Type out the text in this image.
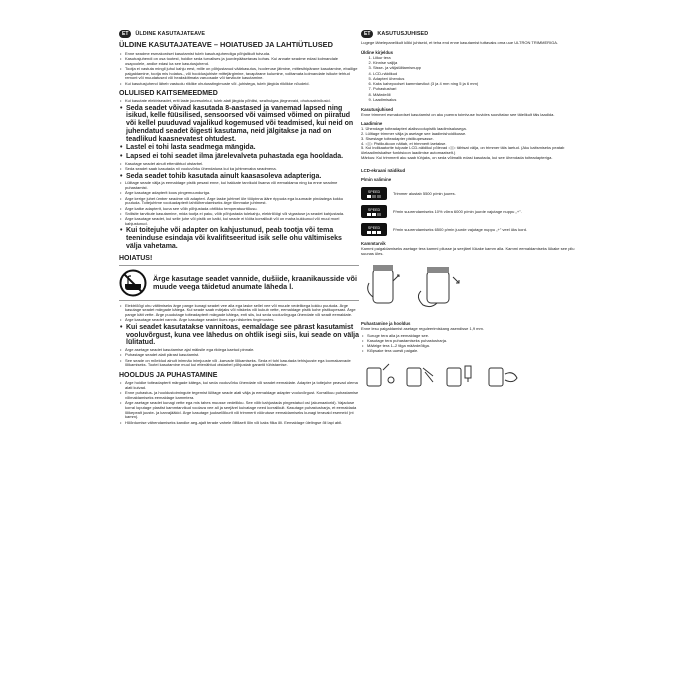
ET	ÜLDINE KASUTAJATEAVE
ÜLDINE KASUTAJATEAVE – HOIATUSED JA LAHTIÜTLUSED
• Enne seadme esmakordset kasutamist tuleb kasutusjuhendiga põhjalikult tutvuda.
• Kasutusjuhendi on osa tootest, hoidke seda turvalises ja juurdepääsetavas kohas. Kui annate seadme edasi kolmandale osapoolele, andke edasi ka see kasutusjuhend.
• Tootja ei vastuta mingil juhul kahju eest, mille on põhjustanud väärkasutus, hoolетuse jätmine, mittesihipärane kasutamine, ebaõige paigaldamine, tootja mis hoiatus-, või hooldusjuhiste mittejärgimine, tavapärane kulumine, volitamata kolmandate isikute tehtud remont või muudatused või heakskiitmata varuosade või tarvikute kasutamine.
• Kui kasutusjuhend läheb vastuolu riiklike ohutusstingimuste või -juhistega, tuleb järgida riiklikke nõudeid.
OLULISED KAITSEMEEDMED
• Kui kasutate elektriseadet, eriti laste juuresolekul, tuleb alati järgida põhilisi, sealhulgas järgnevaid, ohutusabinõusid.
• Seda seadet võivad kasutada 8-aastased ja vanemad lapsed ning isikud, kelle füüsilised, sensoorsed või vaimsed võimed on piiratud või kellel puuduvad vajalikud kogemused või teadmised, kui neid on juhendatud seadet õigesti kasutama, neid jälgitakse ja nad on teadlikud kaasnevatest ohtudest.
• Lastel ei tohi lasta seadmega mängida.
• Lapsed ei tohi seadet ilma järelevalveta puhastada ega hooldada.
• Kasutage seadet ainult ettenähtud otstarbel.
• Seda seadet saab kasutada nii vooluvõrku ühendatuna kui ka juhtmevaba seadmena.
• Seda seadet tohib kasutada ainult kaasasoleva adapteriga.
• Lülitage seade välja ja eemaldage pistik pesast enne, kui hakkate tarvikuid lisama või eemaldama ning ka enne seadme puhastamist.
• Ärge kasutage adapterit koos pingemuunduriga.
• Ärge kerige juhet ümber seadme või adapteri. Ärge laske juhtmel üle tööpinna ääre rippuda ega kuumade pindadega kokku puutuda. Toitejuhtme vooluadapterit lahtiühendamiseks ärge tõmmake juhtmest.
• Ärge katke adapterit, kuna see võib põhjustada ohtlikku temperatuuritõusu.
• Snilisite tarvikute kasutamine, mida tootja ei paku, võib põhjustada tulekahju, elektrilöögi või vigastuse ja seadet kahjustada.
• Ärge kasutage seadet, kui selle juhe või pistik on katki, kui seade ei tööta korralikult või on maha kukkunud või muul moel kahjustunud.
• Kui toitejuhe või adapter on kahjustunud, peab tootja või tema teeninduse esindaja või kvalifitseeritud isik selle ohu vältimiseks välja vahetama.
HOIATUS!
Ärge kasutage seadet vannide, dušiide, kraanikausside või muude veega täidetud anumate läheda l.
• Elektriõõgi ohu vältimiseks ärge pange kunagi seadet vee alla ega laske sellel vee või muude vedelikega kokku puutuda. Ärge kasutage seadet märgade kätega. Kui seade saab märjaks või niiskeks või kukub vette, eemaldage pistik kohe pistikupesast. Ärge pange kätt vette. Ärge puudutage toiteadapterit märgade kätega, enti siis, kui seda vooluvõrguga ühendate või seadt eemaldate.
• Ärge kasutage seadet vannis. Ärge kasutage seadet õues ega niisketes tingimustes.
• Kui seadet kasutatakse vannitoas, eemaldage see pärast kasutamist vooluvõrgust, kuna vee lähedus on ohtlik isegi siis, kui seade on välja lülitatud.
• Ärge asetage seadet kasutamise ajal mäksile ega riidega kaetud pinnale.
• Puhastage seadet alati pärast kasutamist.
• See seade on mõeldud ainult inimnäo inimjuuste või -karvade lõikamiseks. Seda ei tohi kasutada tehisjuuste ega loomakarvade lõikamiseks. Tootei kasutamine muul kui ettenähtud otstarbel põhjustab garantii tühistamise.
HOOLDUS JA PUHASTAMINE
• Ärge hoidke toiteadapterit märgade kätega, kui seda vooluvõrku ühendate või seadet eemaldate. Adapter ja toitejuhe peavad olema alati kuivad.
• Enne puhastus- ja hooldustoimingute tegemist lülitage seade alati välja ja eemaldage adapter vooluvõrgust. Korralikuu puhastamise võimaldamiseks eemaldage kammtera.
• Ärge asetage seadet kunagi vette ega mis tahes muusse vedelikku. See võib kahjustada pingestatud osi (akumaatorid). Vajaduse korral loputage plastist kammtarvikud voolava vee all ja seejärel kuivatage need korralikult. Kasutage puhastusharja, et eemaldada lõikepealt juuste- ja karvajääkid. Ärge kasutage juukselõikurit või trimmerit vöörutuse eemaldamiseks kunagi teravaid esemeid (nt kamm).
• Hõõrdumise vähendamiseks kandke aeg-ajalt terade vahele õlitilaelt lõin või kaks filka õli. Eemaldage ülelingse õli lapi abil.
ET	KASUTUSJUHISED

Lugege lähelepanelikult kõiki juhiseid, et teha end enne kasutamist tuttavaks oma uue ULTRON TRIMMERIGA.

Üldine kirjeldus
1. Liikur tera
2. Kinnise valjija
3. Sisse- ja väljalülitamisnupp
4. LCD-näidikud
5. Adapteri ühendus
6. Kaks kahepoolset kammtarvikut (3 ja 4 mm ning 5 ja 6 mm)
7. Puhastushari
8. Määrdeõli
9. Laadimisalus
Kasutusjuhised

Enne trimmeri esmakordset kasutamist on aku puenra toimivuse huvides soovitatav see täielikult täis laadida.

Laadimine
1. Ühendage toiteadapteri alalisvoolupistik laadimisalusega.
2. Lülitage trimmer välja ja asetage see laadimishoidikusse.
3. Sisestage toiteadapter pistikupesasse.
4. ◁ ▷ Pistikuikoon näitab, et trimmerit laetakse.
5. Kui indikaatorite tulpade LCD-näidikul põlevad ◁ ▷ tähtsat välja, on trimmer täis laetud. (Aku kaitsmiseks peatab ülelaadimiskaitse funktsioon laadimise automaatselt.)
Märkus: Kui trimmerit aku saab tühjaks, on seda võimalik edasi kasutada, kui see ühendada toiteadapteriga.
LCD-ekraani näidikud
P/min valimine
SPEED	Trimmer alustab 5500 p/min juures.
SPEED	P/min suurendamiseks 10% võrra 6000 p/min juurde vajutage nuppu „+".
SPEED	P/min suurendamiseks 6500 p/min juurde vajutage nuppu „+" veel üks kord.
Kammtarvik

Kammi paigaldamiseks asetage tera kammi pilusse ja seejärel lükake kamm alla. Kammi eemaldamiseks lükake see pilu suunas üles.

Puhastamine ja hooldus

Enne lesu paigaldamist asetage reguleerimiskang asendisse 1,9 mm.

• Suruge tera alla ja eemaldage see.
• Kasutage tera puhastamiseks puhastusharja.
• Määrige tera 1–2 tilga määrdeõliga.
• Klõpsake tera uuesti paigale.
